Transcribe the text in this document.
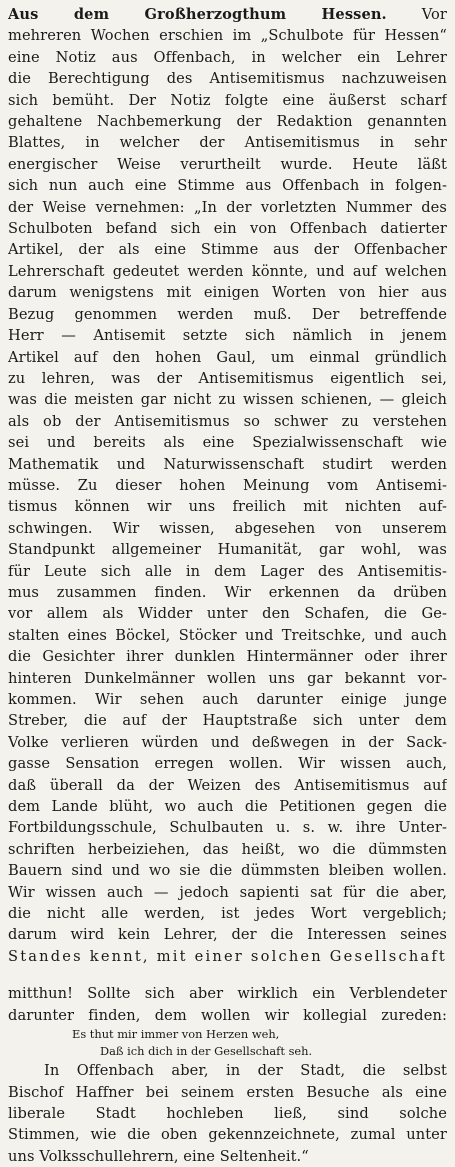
Aus dem Großherzogthum Hessen. Vor
mehreren Wochen erschien im „Schulbote für Hessen“
eine Notiz aus Offenbach, in welcher ein Lehrer
die Berechtigung des Antisemitismus nachzuweisen
sich bemüht. Der Notiz folgte eine äußerst scharf
gehaltene Nachbemerkung der Redaktion genannten
Blattes, in welcher der Antisemitismus in sehr
energischer Weise verurtheilt wurde. Heute läßt
sich nun auch eine Stimme aus Offenbach in folgen-
der Weise vernehmen: „In der vorletzten Nummer des
Schulboten befand sich ein von Offenbach datierter
Artikel, der als eine Stimme aus der Offenbacher
Lehrerschaft gedeutet werden könnte, und auf welchen
darum wenigstens mit einigen Worten von hier aus
Bezug genommen werden muß. Der betreffende
Herr — Antisemit setzte sich nämlich in jenem
Artikel auf den hohen Gaul, um einmal gründlich
zu lehren, was der Antisemitismus eigentlich sei,
was die meisten gar nicht zu wissen schienen, — gleich
als ob der Antisemitismus so schwer zu verstehen
sei und bereits als eine Spezialwissenschaft wie
Mathematik und Naturwissenschaft studirt werden
müsse. Zu dieser hohen Meinung vom Antisemi-
tismus können wir uns freilich mit nichten auf-
schwingen. Wir wissen, abgesehen von unserem
Standpunkt allgemeiner Humanität, gar wohl, was
für Leute sich alle in dem Lager des Antisemitis-
mus zusammen finden. Wir erkennen da drüben
vor allem als Widder unter den Schafen, die Ge-
stalten eines Böckel, Stöcker und Treitschke, und auch
die Gesichter ihrer dunklen Hintermänner oder ihrer
hinteren Dunkelmänner wollen uns gar bekannt vor-
kommen. Wir sehen auch darunter einige junge
Streber, die auf der Hauptstraße sich unter dem
Volke verlieren würden und deßwegen in der Sack-
gasse Sensation erregen wollen. Wir wissen auch,
daß überall da der Weizen des Antisemitismus auf
dem Lande blüht, wo auch die Petitionen gegen die
Fortbildungsschule, Schulbauten u. s. w. ihre Unter-
schriften herbeiziehen, das heißt, wo die dümmsten
Bauern sind und wo sie die dümmsten bleiben wollen.
Wir wissen auch — jedoch sapienti sat für die aber,
die nicht alle werden, ist jedes Wort vergeblich;
darum wird kein Lehrer, der die Interessen seines
Standes kennt, mit einer solchen Gesellschaft
mitthun! Sollte sich aber wirklich ein Verblendeter
darunter finden, dem wollen wir kollegial zureden:
Es thut mir immer von Herzen weh,
Daß ich dich in der Gesellschaft seh.
In Offenbach aber, in der Stadt, die selbst
Bischof Haffner bei seinem ersten Besuche als eine
liberale Stadt hochleben ließ, sind solche
Stimmen, wie die oben gekennzeichnete, zumal unter
uns Volksschullehrern, eine Seltenheit.“
